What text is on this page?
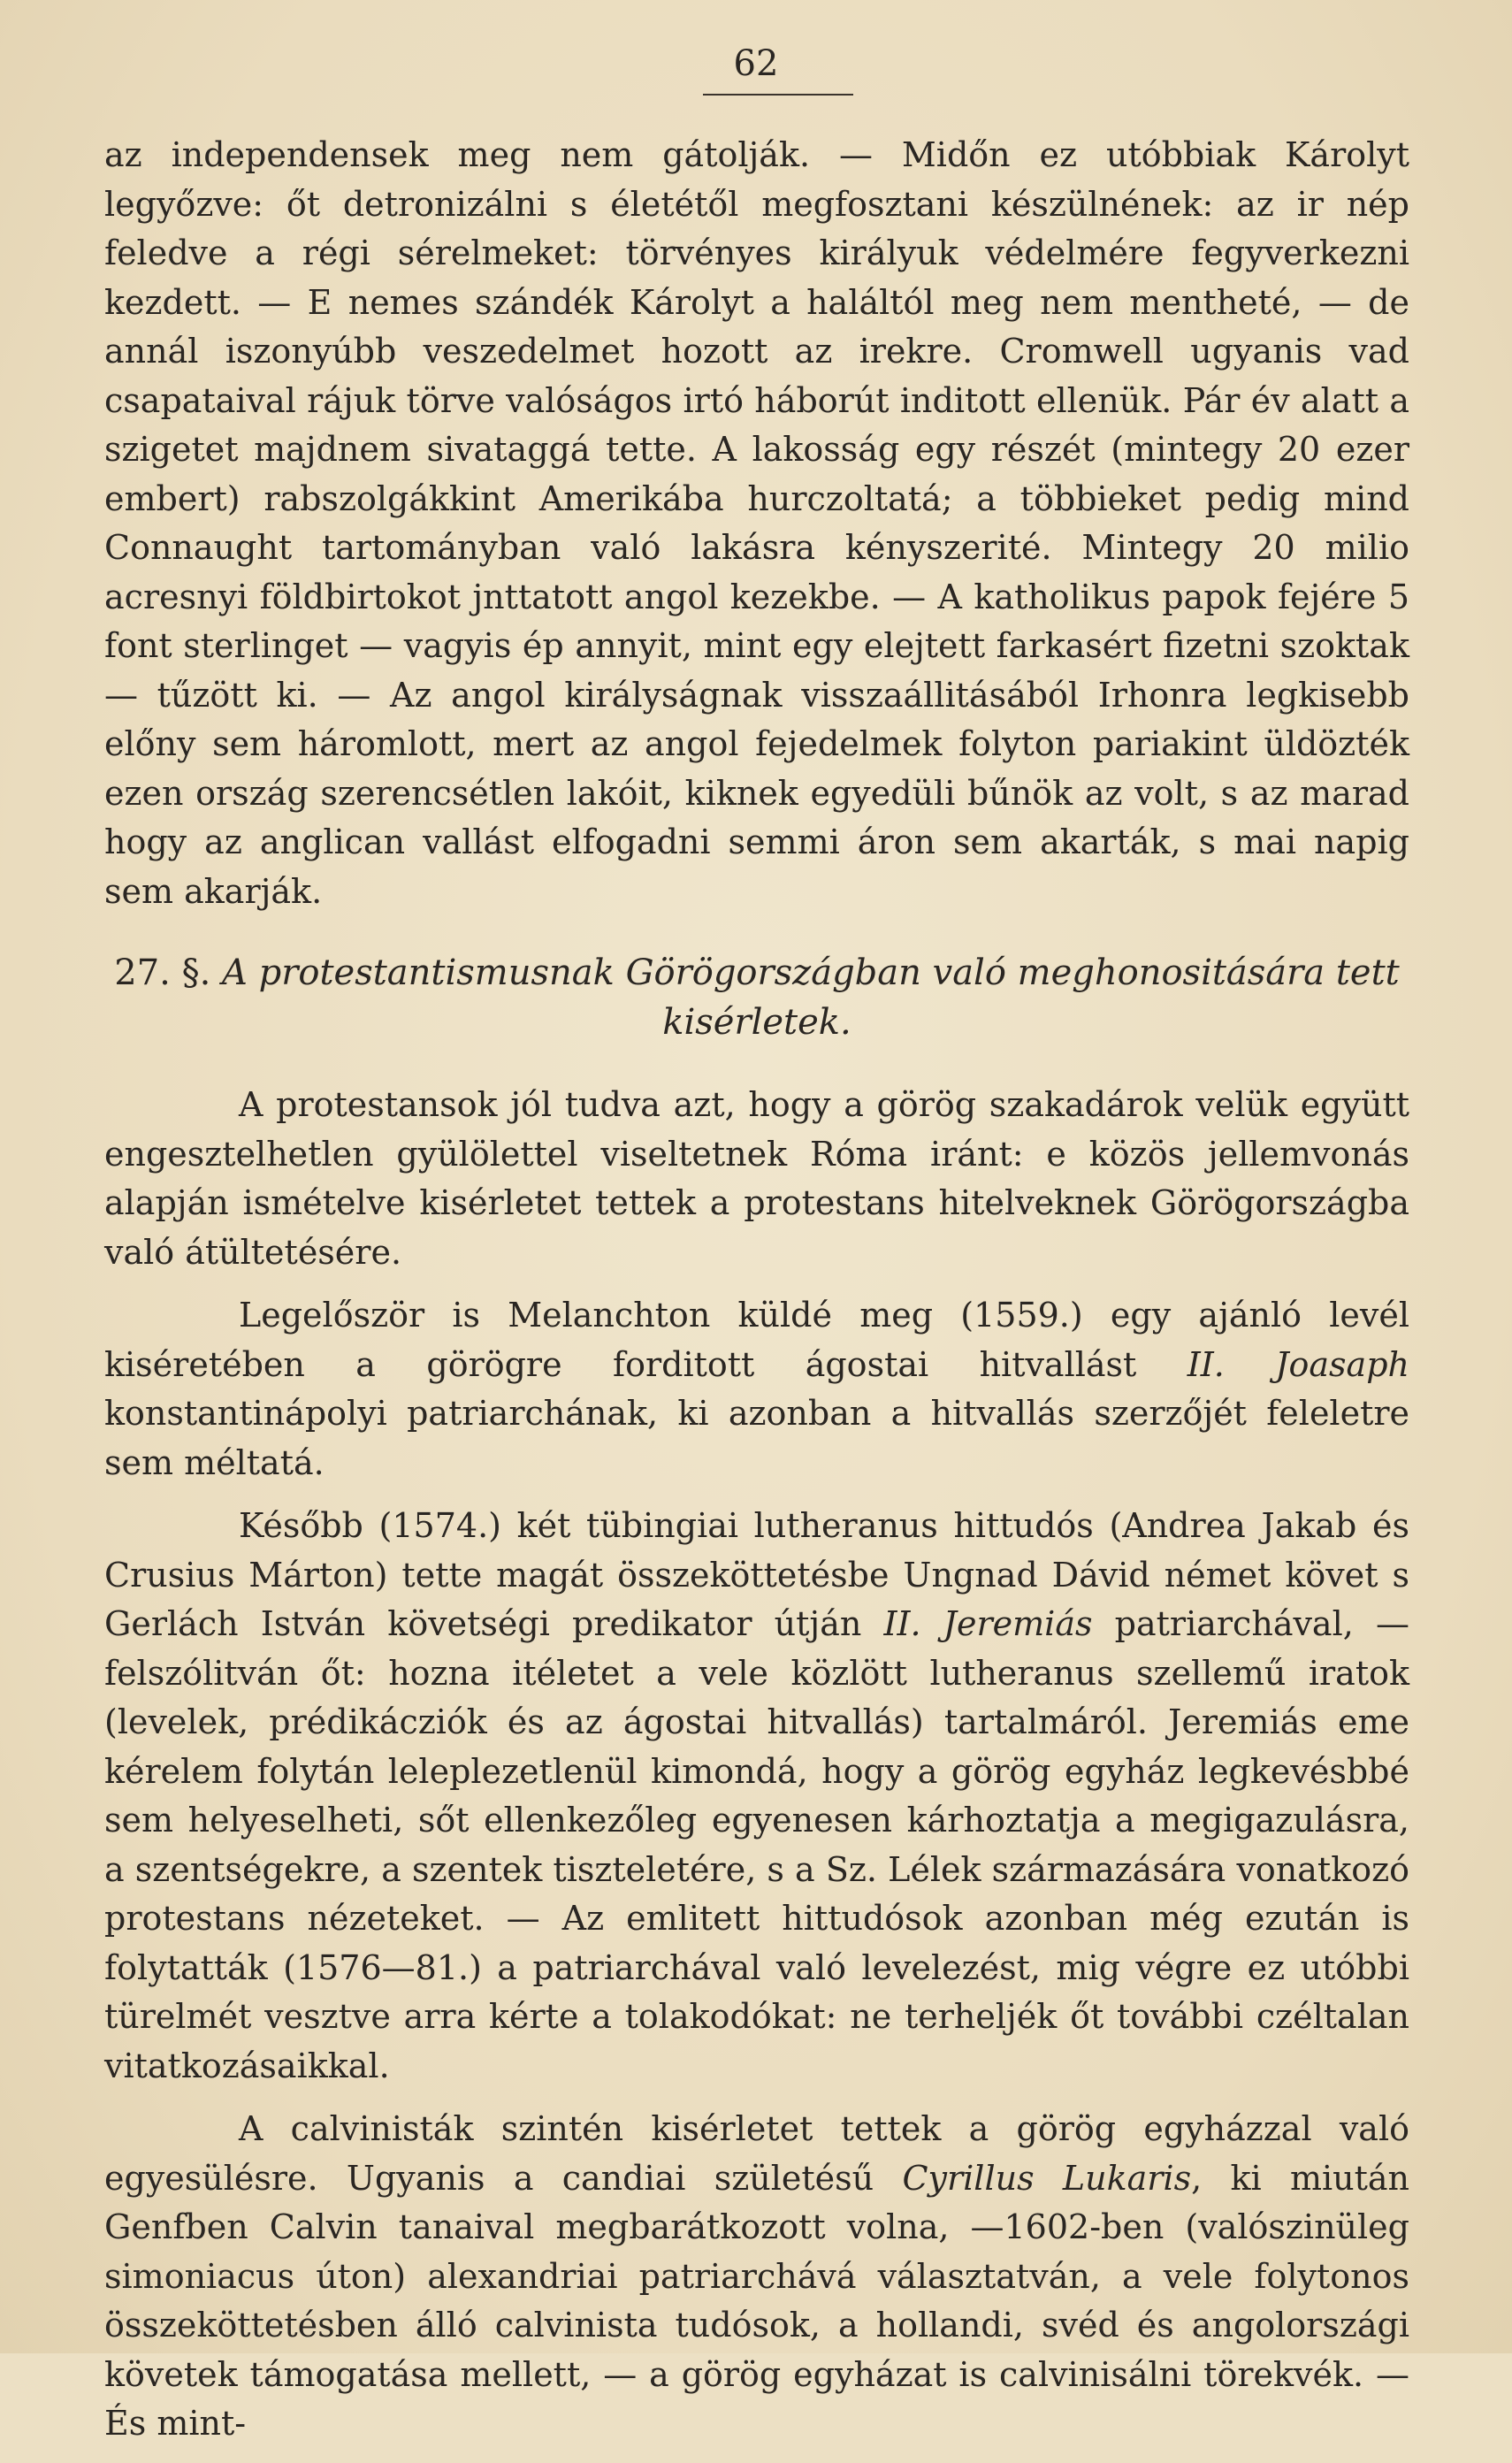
62

az independensek meg nem gátolják. — Midőn ez utóbbiak Károlyt legyőzve: őt detronizálni s életétől megfosztani készülnének: az ir nép feledve a régi sérelmeket: törvényes királyuk védelmére fegyverkezni kezdett. — E nemes szándék Károlyt a haláltól meg nem mentheté, — de annál iszonyúbb veszedelmet hozott az irekre. Cromwell ugyanis vad csapataival rájuk törve valóságos irtó háborút inditott ellenük. Pár év alatt a szigetet majdnem sivataggá tette. A lakosság egy részét (mintegy 20 ezer embert) rabszolgákkint Amerikába hurczoltatá; a többieket pedig mind Connaught tartományban való lakásra kényszerité. Mintegy 20 milio acresnyi földbirtokot jnttatott angol kezekbe. — A katholikus papok fejére 5 font sterlinget — vagyis ép annyit, mint egy elejtett farkasért fizetni szoktak — tűzött ki. — Az angol királyságnak visszaállitásából Irhonra legkisebb előny sem háromlott, mert az angol fejedelmek folyton pariakint üldözték ezen ország szerencsétlen lakóit, kiknek egyedüli bűnök az volt, s az marad hogy az anglican vallást elfogadni semmi áron sem akarták, s mai napig sem akarják.

27. §. A protestantismusnak Görögországban való meghonositására tett kisérletek.

A protestansok jól tudva azt, hogy a görög szakadárok velük együtt engesztelhetlen gyülölettel viseltetnek Róma iránt: e közös jellemvonás alapján ismételve kisérletet tettek a protestans hitelveknek Görögországba való átültetésére.

Legelőször is Melanchton küldé meg (1559.) egy ajánló levél kiséretében a görögre forditott ágostai hitvallást II. Joasaph konstantinápolyi patriarchának, ki azonban a hitvallás szerzőjét feleletre sem méltatá.

Később (1574.) két tübingiai lutheranus hittudós (Andrea Jakab és Crusius Márton) tette magát összeköttetésbe Ungnad Dávid német követ s Gerlách István követségi predikator útján II. Jeremiás patriarchával, — felszólitván őt: hozna itéletet a vele közlött lutheranus szellemű iratok (levelek, prédikácziók és az ágostai hitvallás) tartalmáról. Jeremiás eme kérelem folytán leleplezetlenül kimondá, hogy a görög egyház legkevésbbé sem helyeselheti, sőt ellenkezőleg egyenesen kárhoztatja a megigazulásra, a szentségekre, a szentek tiszteletére, s a Sz. Lélek származására vonatkozó protestans nézeteket. — Az emlitett hittudósok azonban még ezután is folytatták (1576—81.) a patriarchával való levelezést, mig végre ez utóbbi türelmét vesztve arra kérte a tolakodókat: ne terheljék őt további czéltalan vitatkozásaikkal.

A calvinisták szintén kisérletet tettek a görög egyházzal való egyesülésre. Ugyanis a candiai születésű Cyrillus Lukaris, ki miután Genfben Calvin tanaival megbarátkozott volna, —1602-ben (valószinüleg simoniacus úton) alexandriai patriarchává választatván, a vele folytonos összeköttetésben álló calvinista tudósok, a hollandi, svéd és angolországi követek támogatása mellett, — a görög egyházat is calvinisálni törekvék. — És mint-
